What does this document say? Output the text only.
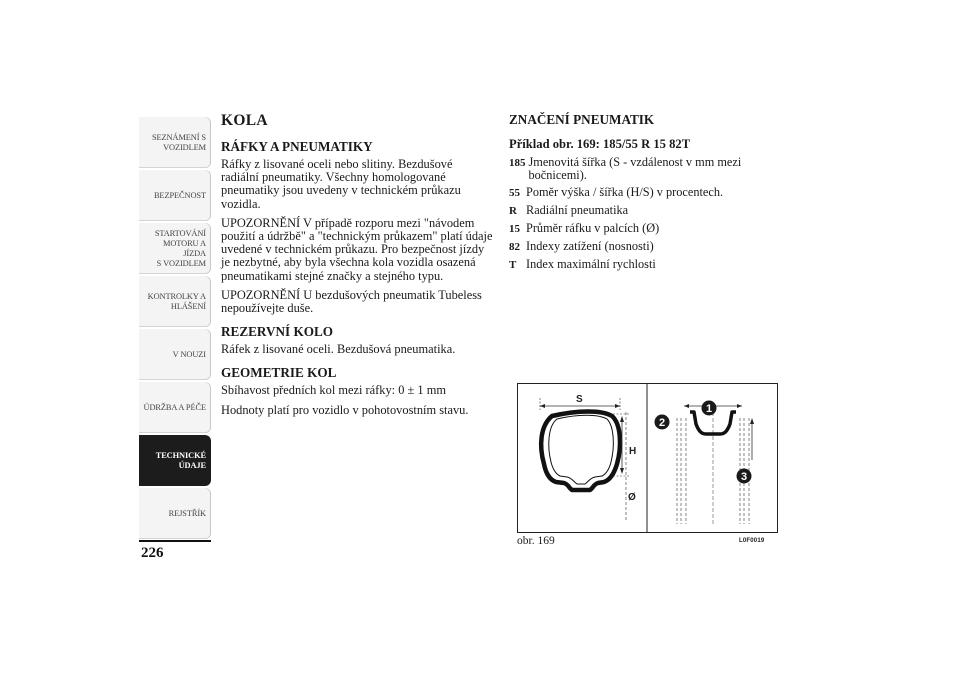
SEZNÁMENÍ S
VOZIDLEM
BEZPEČNOST
STARTOVÁNÍ
MOTORU A JÍZDA
S VOZIDLEM
KONTROLKY A
HLÁŠENÍ
V NOUZI
ÚDRŽBA A PÉČE
TECHNICKÉ
ÚDAJE
REJSTŘÍK
226
KOLA
RÁFKY A PNEUMATIKY

Ráfky z lisované oceli nebo slitiny. Bezdušové radiální pneumatiky. Všechny homologované pneumatiky jsou uvedeny v technickém průkazu vozidla.

UPOZORNĚNÍ V případě rozporu mezi "návodem použití a údržbě" a "technickým průkazem" platí údaje uvedené v technickém průkazu. Pro bezpečnost jízdy je nezbytné, aby byla všechna kola vozidla osazená pneumatikami stejné značky a stejného typu.

UPOZORNĚNÍ U bezdušových pneumatik Tubeless nepoužívejte duše.

REZERVNÍ KOLO

Ráfek z lisované oceli. Bezdušová pneumatika.

GEOMETRIE KOL

Sbíhavost předních kol mezi ráfky: 0 ± 1 mm

Hodnoty platí pro vozidlo v pohotovostním stavu.

ZNAČENÍ PNEUMATIK
Příklad obr. 169: 185/55 R 15 82T
185 Jmenovitá šířka (S - vzdálenost v mm mezi bočnicemi).
55 Poměr výška / šířka (H/S) v procentech.
R Radiální pneumatika
15 Průměr ráfku v palcích (Ø)
82 Indexy zatížení (nosnosti)
T Index maximální rychlosti
S
H
Ø
1
2
3
obr. 169	L0F0019
